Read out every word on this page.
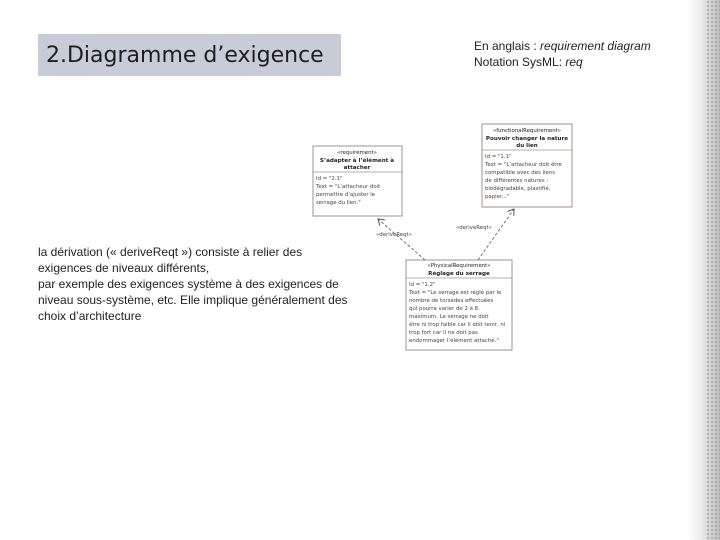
2.Diagramme d’exigence	En anglais : requirement diagram
Notation SysML: req
la dérivation (« deriveReqt ») consiste à relier des
exigences de niveaux différents,
par exemple des exigences système à des exigences de
niveau sous-système, etc. Elle implique généralement des
choix d’architecture
«functionalRequirement»
Pouvoir changer la nature
du lien
Id = "1.1"
Text = "L’attacheur doit être
compatible avec des liens
de différentes natures :
biodégradable, plastifié,
papier..."
«requirement»
S’adapter à l’élément à
attacher
Id = "2.1"
Text = "L’attacheur doit
permettre d’ajuster le
serrage du lien."
«PhysicalRequirement»
Réglage du serrage
Id = "1.2"
Text = "Le serrage est réglé par le
nombre de torsades effectuées
qui pourra varier de 2 à 8.
maximum. Le serrage ne doit
être ni trop faible car il doit tenir, ni
trop fort car il ne doit pas
endommager l’élément attaché."
«deriveReqt»
«deriveReqt»
